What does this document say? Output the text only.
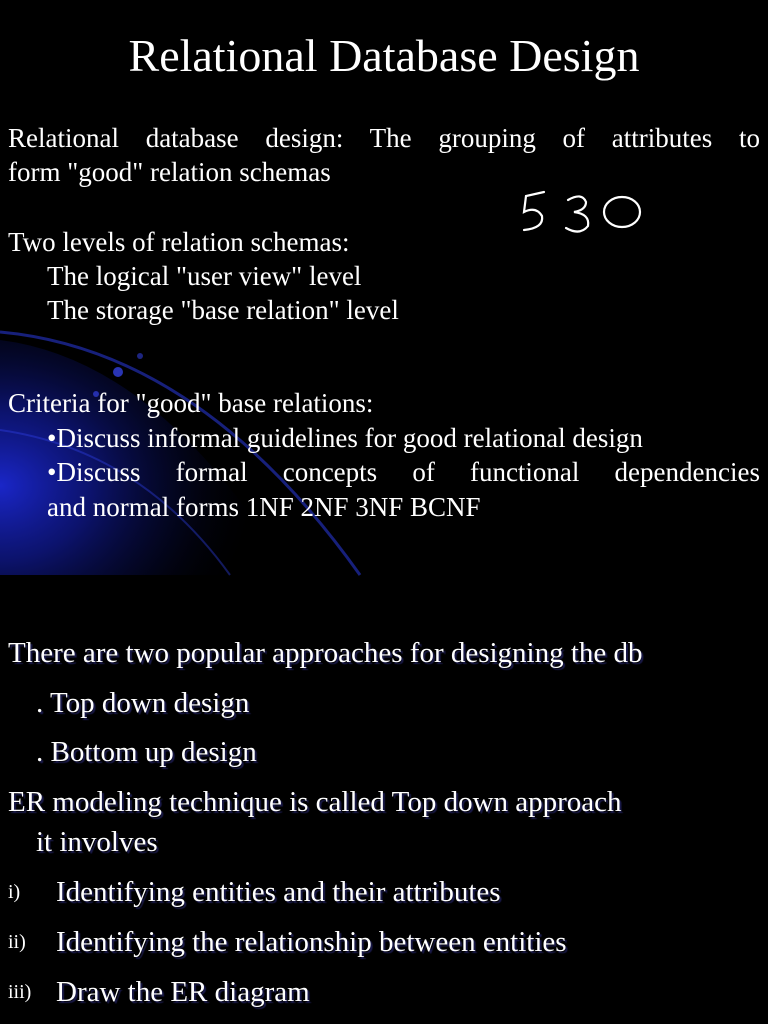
Relational Database Design
Relational database design: The grouping of attributes to
form "good" relation schemas
Two levels of relation schemas:
The logical "user view" level
The storage "base relation" level
Criteria for "good" base relations:
•Discuss informal guidelines for good relational design
•Discuss formal concepts of functional dependencies
and normal forms 1NF 2NF 3NF BCNF
There are two popular approaches for designing the db
. Top down design
. Bottom up design
ER modeling technique is called Top down approach
it involves
i) Identifying entities and their attributes
ii) Identifying the relationship between entities
iii) Draw the ER diagram
